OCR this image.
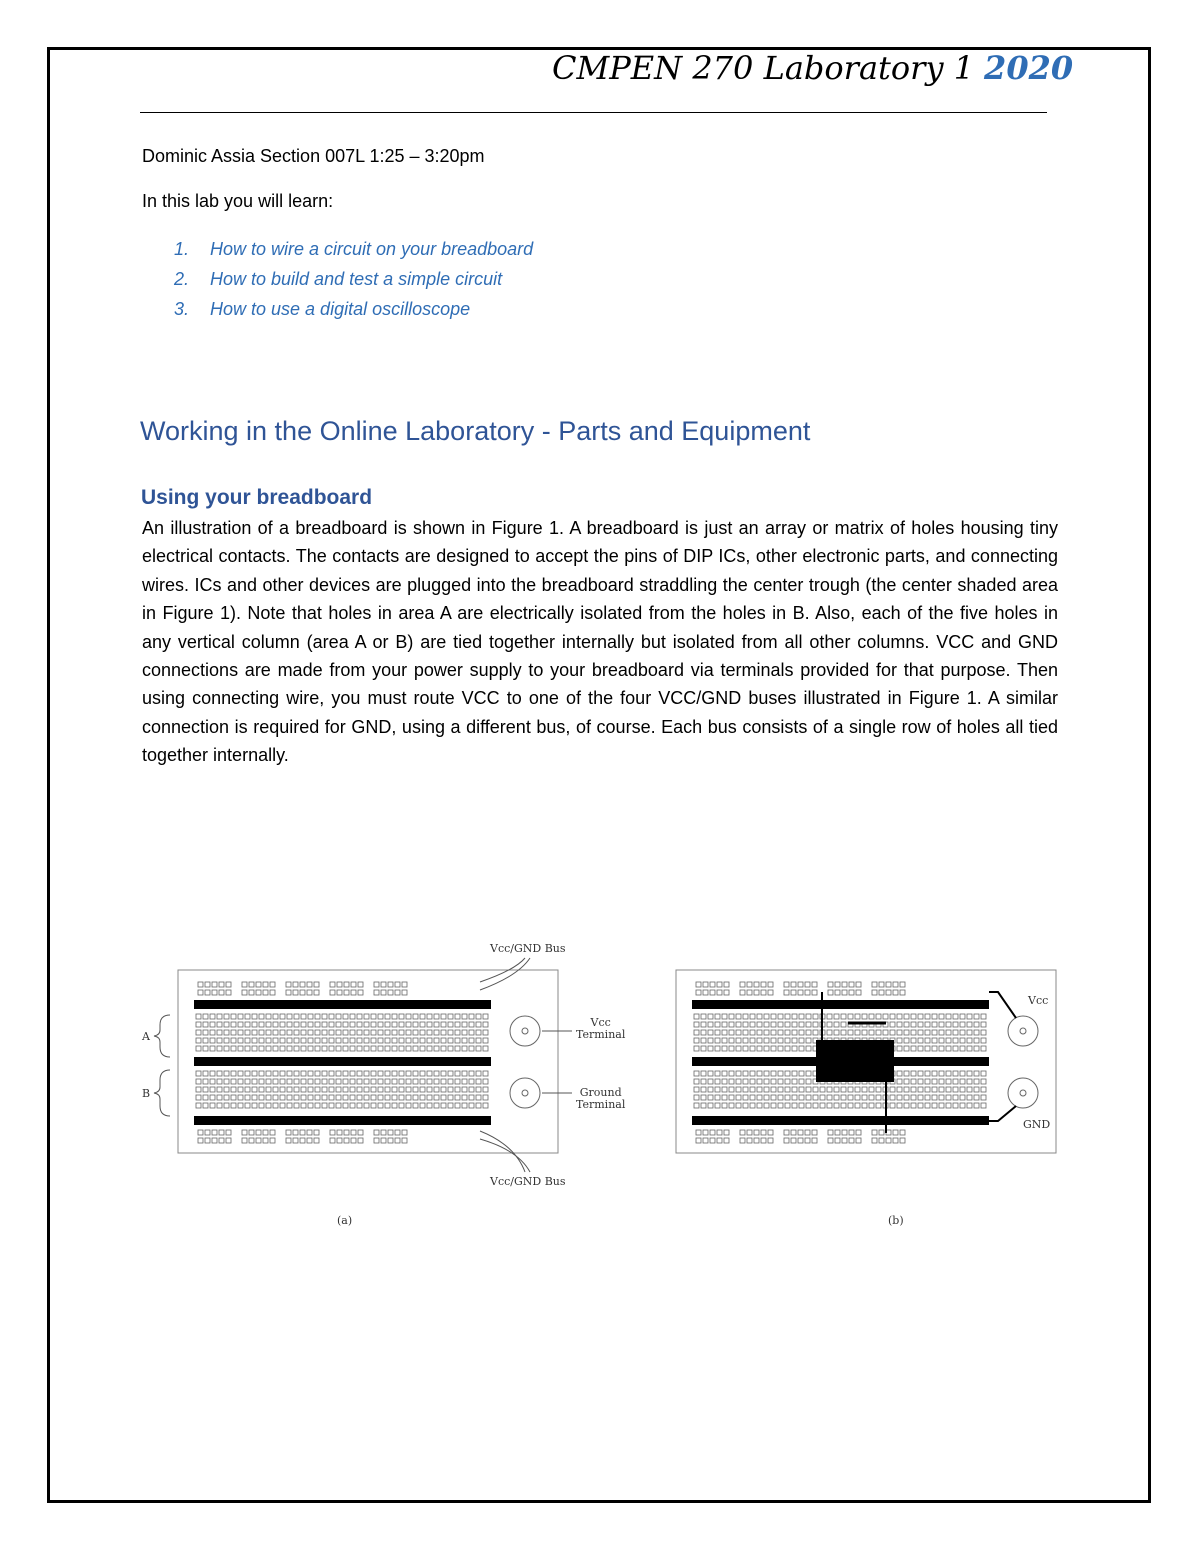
CMPEN 270 Laboratory 1 2020
Dominic Assia Section 007L 1:25 – 3:20pm
In this lab you will learn:
1. How to wire a circuit on your breadboard
2. How to build and test a simple circuit
3. How to use a digital oscilloscope
Working in the Online Laboratory - Parts and Equipment
Using your breadboard

An illustration of a breadboard is shown in Figure 1. A breadboard is just an array or matrix of holes housing tiny electrical contacts. The contacts are designed to accept the pins of DIP ICs, other electronic parts, and connecting wires. ICs and other devices are plugged into the breadboard straddling the center trough (the center shaded area in Figure 1). Note that holes in area A are electrically isolated from the holes in B. Also, each of the five holes in any vertical column (area A or B) are tied together internally but isolated from all other columns. VCC and GND connections are made from your power supply to your breadboard via terminals provided for that purpose. Then using connecting wire, you must route VCC to one of the four VCC/GND buses illustrated in Figure 1. A similar connection is required for GND, using a different bus, of course. Each bus consists of a single row of holes all tied together internally.

Vcc/GND Bus
Vcc/GND Bus
A
B
Vcc
Terminal
Ground
Terminal
Vcc
GND
(a)	(b)
